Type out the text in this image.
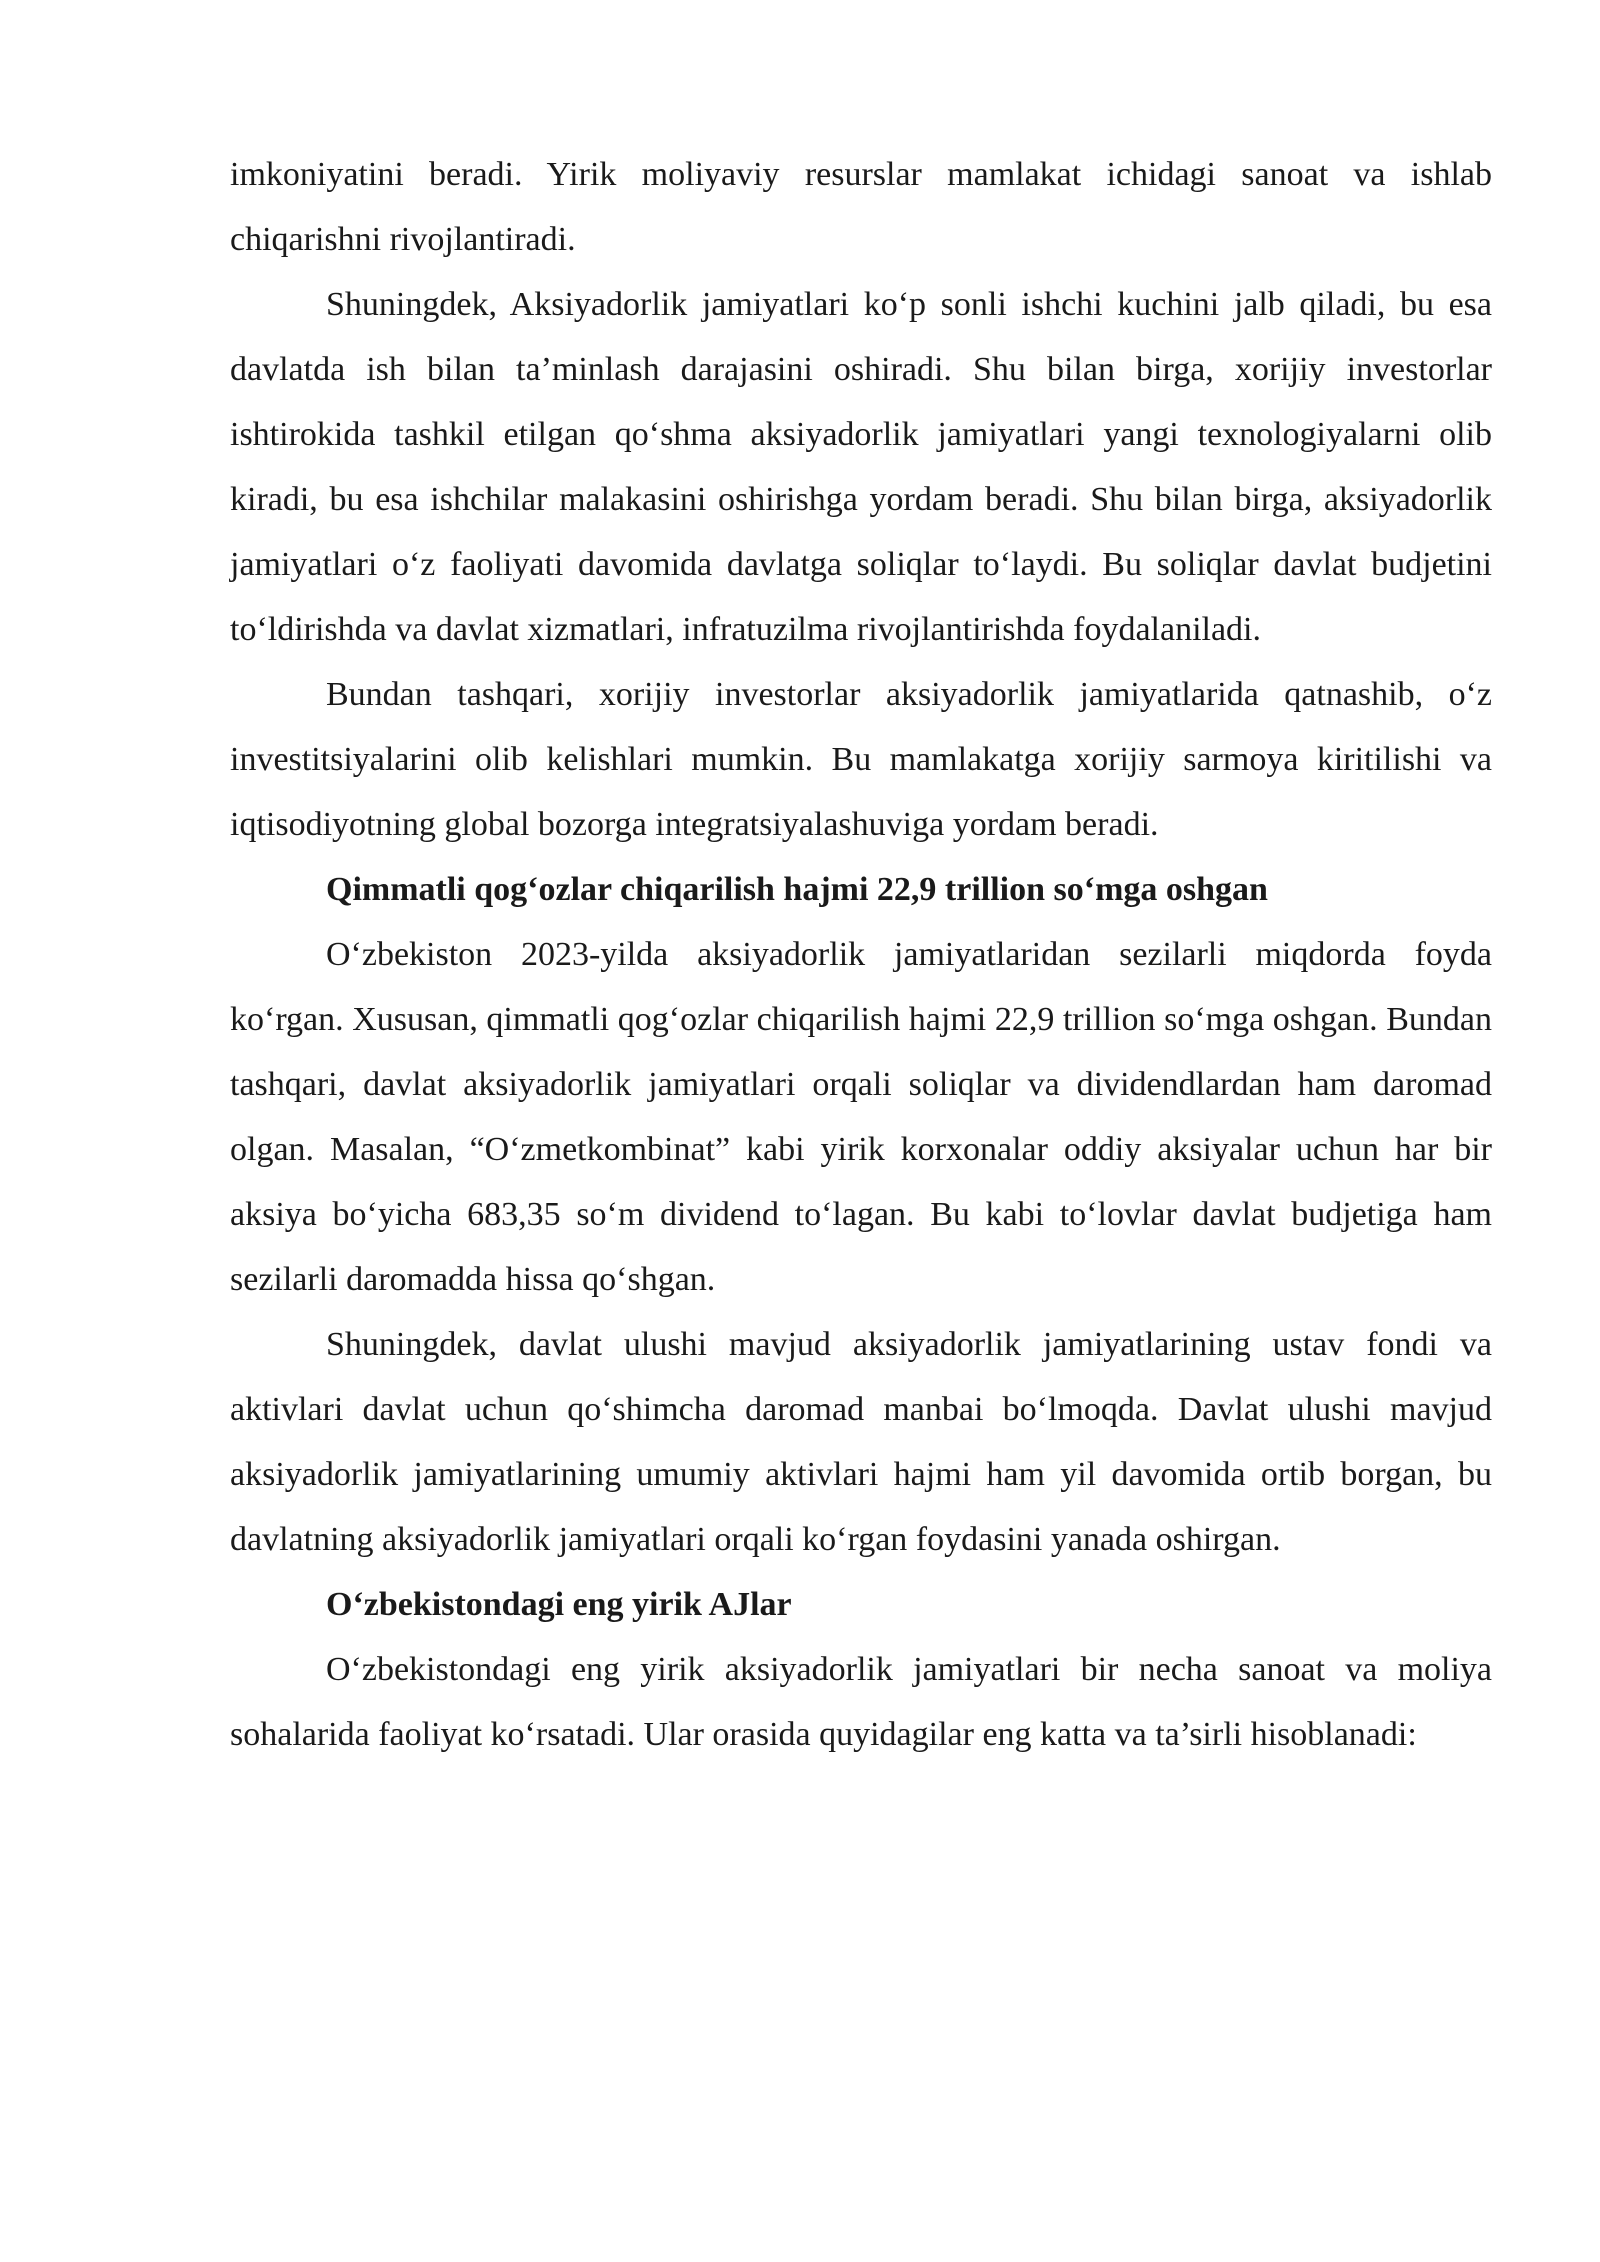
imkoniyatini beradi. Yirik moliyaviy resurslar mamlakat ichidagi sanoat va ishlab chiqarishni rivojlantiradi.

Shuningdek, Aksiyadorlik jamiyatlari ko‘p sonli ishchi kuchini jalb qiladi, bu esa davlatda ish bilan ta’minlash darajasini oshiradi. Shu bilan birga, xorijiy investorlar ishtirokida tashkil etilgan qo‘shma aksiyadorlik jamiyatlari yangi texnologiyalarni olib kiradi, bu esa ishchilar malakasini oshirishga yordam beradi. Shu bilan birga, aksiyadorlik jamiyatlari o‘z faoliyati davomida davlatga soliqlar to‘laydi. Bu soliqlar davlat budjetini to‘ldirishda va davlat xizmatlari, infratuzilma rivojlantirishda foydalaniladi.

Bundan tashqari, xorijiy investorlar aksiyadorlik jamiyatlarida qatnashib, o‘z investitsiyalarini olib kelishlari mumkin. Bu mamlakatga xorijiy sarmoya kiritilishi va iqtisodiyotning global bozorga integratsiyalashuviga yordam beradi.

Qimmatli qog‘ozlar chiqarilish hajmi 22,9 trillion so‘mga oshgan

O‘zbekiston 2023-yilda aksiyadorlik jamiyatlaridan sezilarli miqdorda foyda ko‘rgan. Xususan, qimmatli qog‘ozlar chiqarilish hajmi 22,9 trillion so‘mga oshgan. Bundan tashqari, davlat aksiyadorlik jamiyatlari orqali soliqlar va dividendlardan ham daromad olgan. Masalan, “O‘zmetkombinat” kabi yirik korxonalar oddiy aksiyalar uchun har bir aksiya bo‘yicha 683,35 so‘m dividend to‘lagan. Bu kabi to‘lovlar davlat budjetiga ham sezilarli daromadda hissa qo‘shgan.

Shuningdek, davlat ulushi mavjud aksiyadorlik jamiyatlarining ustav fondi va aktivlari davlat uchun qo‘shimcha daromad manbai bo‘lmoqda. Davlat ulushi mavjud aksiyadorlik jamiyatlarining umumiy aktivlari hajmi ham yil davomida ortib borgan, bu davlatning aksiyadorlik jamiyatlari orqali ko‘rgan foydasini yanada oshirgan.

O‘zbekistondagi eng yirik AJlar

O‘zbekistondagi eng yirik aksiyadorlik jamiyatlari bir necha sanoat va moliya sohalarida faoliyat ko‘rsatadi. Ular orasida quyidagilar eng katta va ta’sirli hisoblanadi:
